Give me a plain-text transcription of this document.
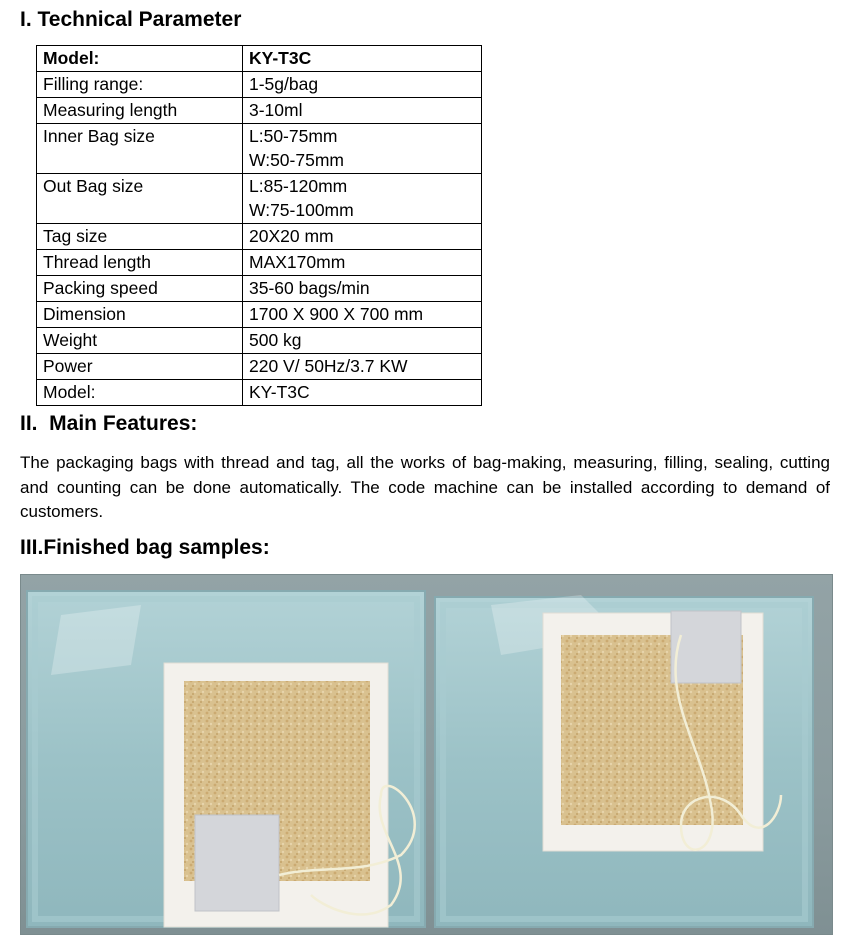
I. Technical Parameter
Model:	KY-T3C

Filling range:	1-5g/bag

Measuring length	3-10ml

Inner Bag size	L:50-75mm
W:50-75mm

Out Bag size	L:85-120mm
W:75-100mm

Tag size	20X20 mm

Thread length	MAX170mm

Packing speed	35-60 bags/min

Dimension	1700 X 900 X 700 mm

Weight	500 kg

Power	220 V/ 50Hz/3.7 KW

Model:	KY-T3C
II.  Main Features:

The packaging bags with thread and tag, all the works of bag-making, measuring, filling, sealing, cutting and counting can be done automatically. The code machine can be installed according to demand of customers.

III.Finished bag samples:
